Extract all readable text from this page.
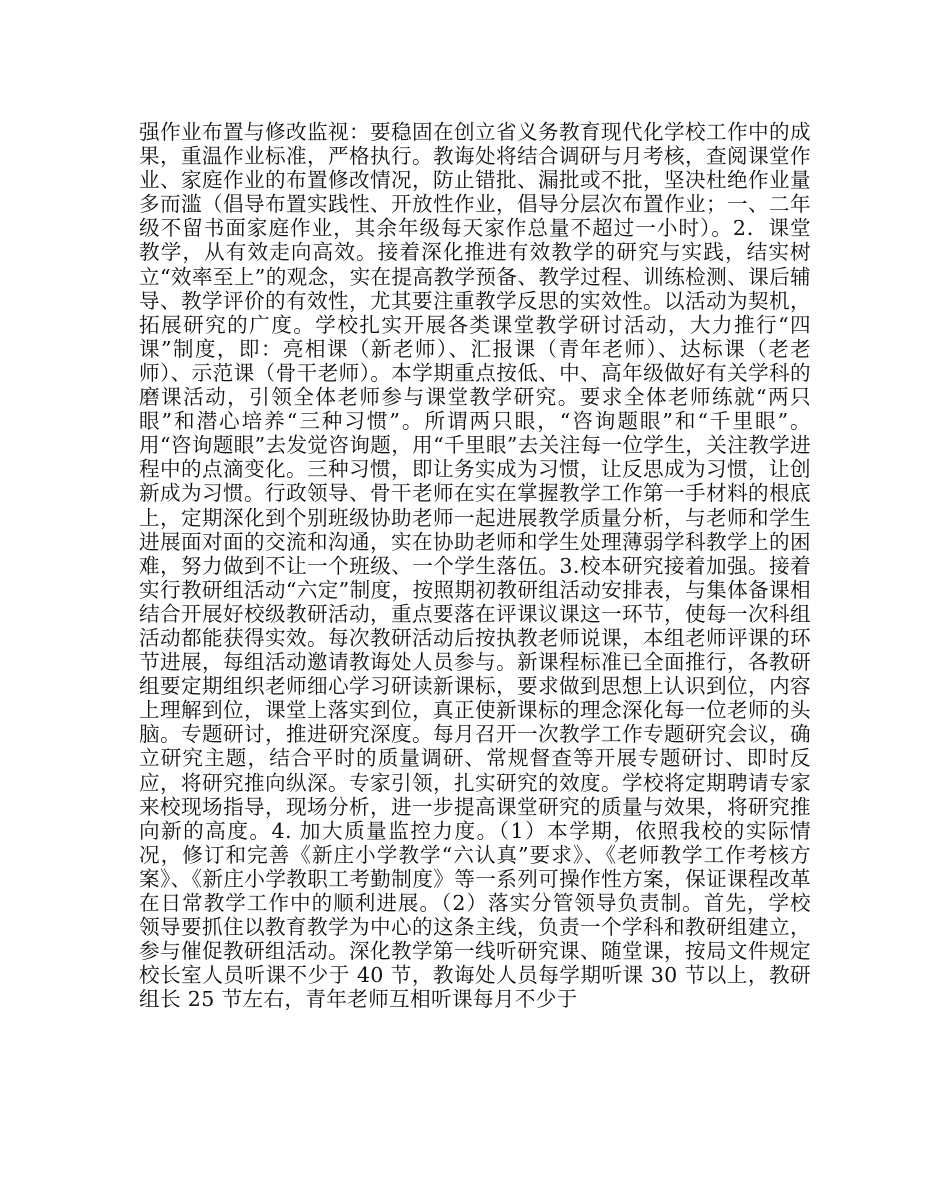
强作业布置与修改监视：要稳固在创立省义务教育现代化学校工作中的成果，重温作业标准，严格执行。教诲处将结合调研与月考核，查阅课堂作业、家庭作业的布置修改情况，防止错批、漏批或不批，坚决杜绝作业量多而滥（倡导布置实践性、开放性作业，倡导分层次布置作业；一、二年级不留书面家庭作业，其余年级每天家作总量不超过一小时）。2．课堂教学，从有效走向高效。接着深化推进有效教学的研究与实践，结实树立“效率至上”的观念，实在提高教学预备、教学过程、训练检测、课后辅导、教学评价的有效性，尤其要注重教学反思的实效性。以活动为契机，拓展研究的广度。学校扎实开展各类课堂教学研讨活动，大力推行“四课”制度，即：亮相课（新老师）、汇报课（青年老师）、达标课（老老师）、示范课（骨干老师）。本学期重点按低、中、高年级做好有关学科的磨课活动，引领全体老师参与课堂教学研究。要求全体老师练就“两只眼”和潜心培养“三种习惯”。所谓两只眼，“咨询题眼”和“千里眼”。用“咨询题眼”去发觉咨询题，用“千里眼”去关注每一位学生，关注教学进程中的点滴变化。三种习惯，即让务实成为习惯，让反思成为习惯，让创新成为习惯。行政领导、骨干老师在实在掌握教学工作第一手材料的根底上，定期深化到个别班级协助老师一起进展教学质量分析，与老师和学生进展面对面的交流和沟通，实在协助老师和学生处理薄弱学科教学上的困难，努力做到不让一个班级、一个学生落伍。3.校本研究接着加强。接着实行教研组活动“六定”制度，按照期初教研组活动安排表，与集体备课相结合开展好校级教研活动，重点要落在评课议课这一环节，使每一次科组活动都能获得实效。每次教研活动后按执教老师说课，本组老师评课的环节进展，每组活动邀请教诲处人员参与。新课程标准已全面推行，各教研组要定期组织老师细心学习研读新课标，要求做到思想上认识到位，内容上理解到位，课堂上落实到位，真正使新课标的理念深化每一位老师的头脑。专题研讨，推进研究深度。每月召开一次教学工作专题研究会议，确立研究主题，结合平时的质量调研、常规督查等开展专题研讨、即时反应，将研究推向纵深。专家引领，扎实研究的效度。学校将定期聘请专家来校现场指导，现场分析，进一步提高课堂研究的质量与效果，将研究推向新的高度。4. 加大质量监控力度。（1）本学期，依照我校的实际情况，修订和完善《新庄小学教学“六认真”要求》、《老师教学工作考核方案》、《新庄小学教职工考勤制度》等一系列可操作性方案，保证课程改革在日常教学工作中的顺利进展。（2）落实分管领导负责制。首先，学校领导要抓住以教育教学为中心的这条主线，负责一个学科和教研组建立，参与催促教研组活动。深化教学第一线听研究课、随堂课，按局文件规定校长室人员听课不少于 40 节，教诲处人员每学期听课 30 节以上，教研组长 25 节左右，青年老师互相听课每月不少于
